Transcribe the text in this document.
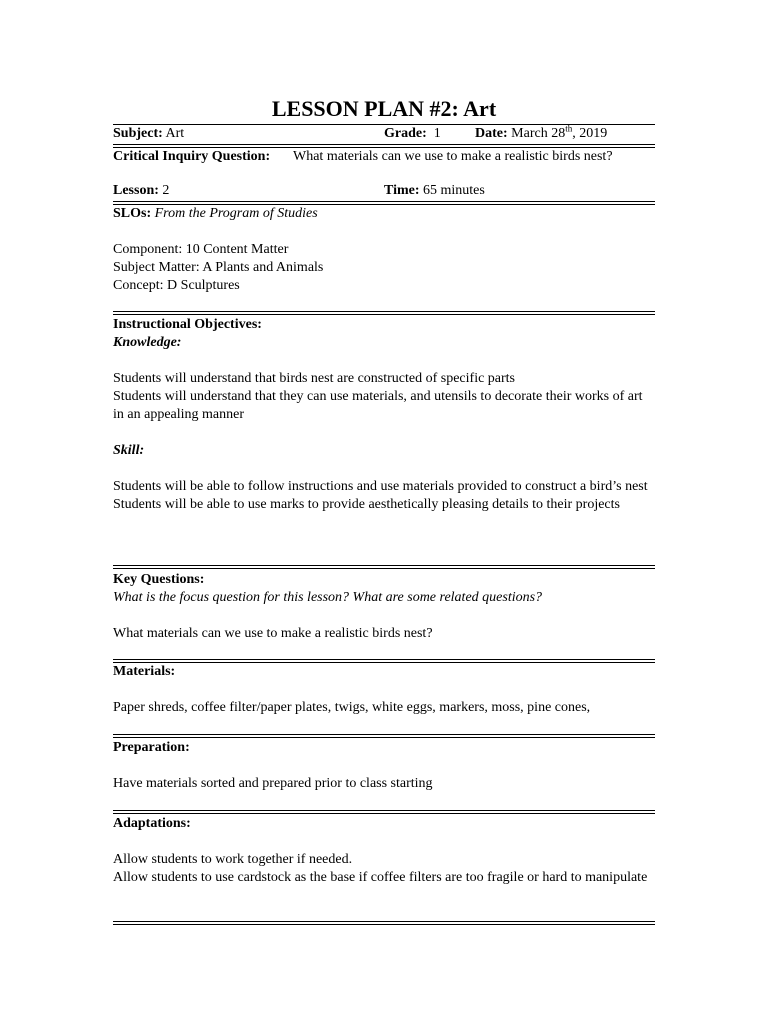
LESSON PLAN #2: Art
Subject: Art	Grade: 1 Date: March 28th, 2019
Critical Inquiry Question: What materials can we use to make a realistic birds nest?
Lesson: 2	Time: 65 minutes

SLOs: From the Program of Studies

Component: 10 Content Matter

Subject Matter: A Plants and Animals

Concept: D Sculptures

Instructional Objectives:

Knowledge:

Students will understand that birds nest are constructed of specific parts

Students will understand that they can use materials, and utensils to decorate their works of art in an appealing manner

Skill:

Students will be able to follow instructions and use materials provided to construct a bird’s nest

Students will be able to use marks to provide aesthetically pleasing details to their projects

Key Questions:

What is the focus question for this lesson? What are some related questions?

What materials can we use to make a realistic birds nest?

Materials:

Paper shreds, coffee filter/paper plates, twigs, white eggs, markers, moss, pine cones,

Preparation:

Have materials sorted and prepared prior to class starting

Adaptations:

Allow students to work together if needed.

Allow students to use cardstock as the base if coffee filters are too fragile or hard to manipulate
